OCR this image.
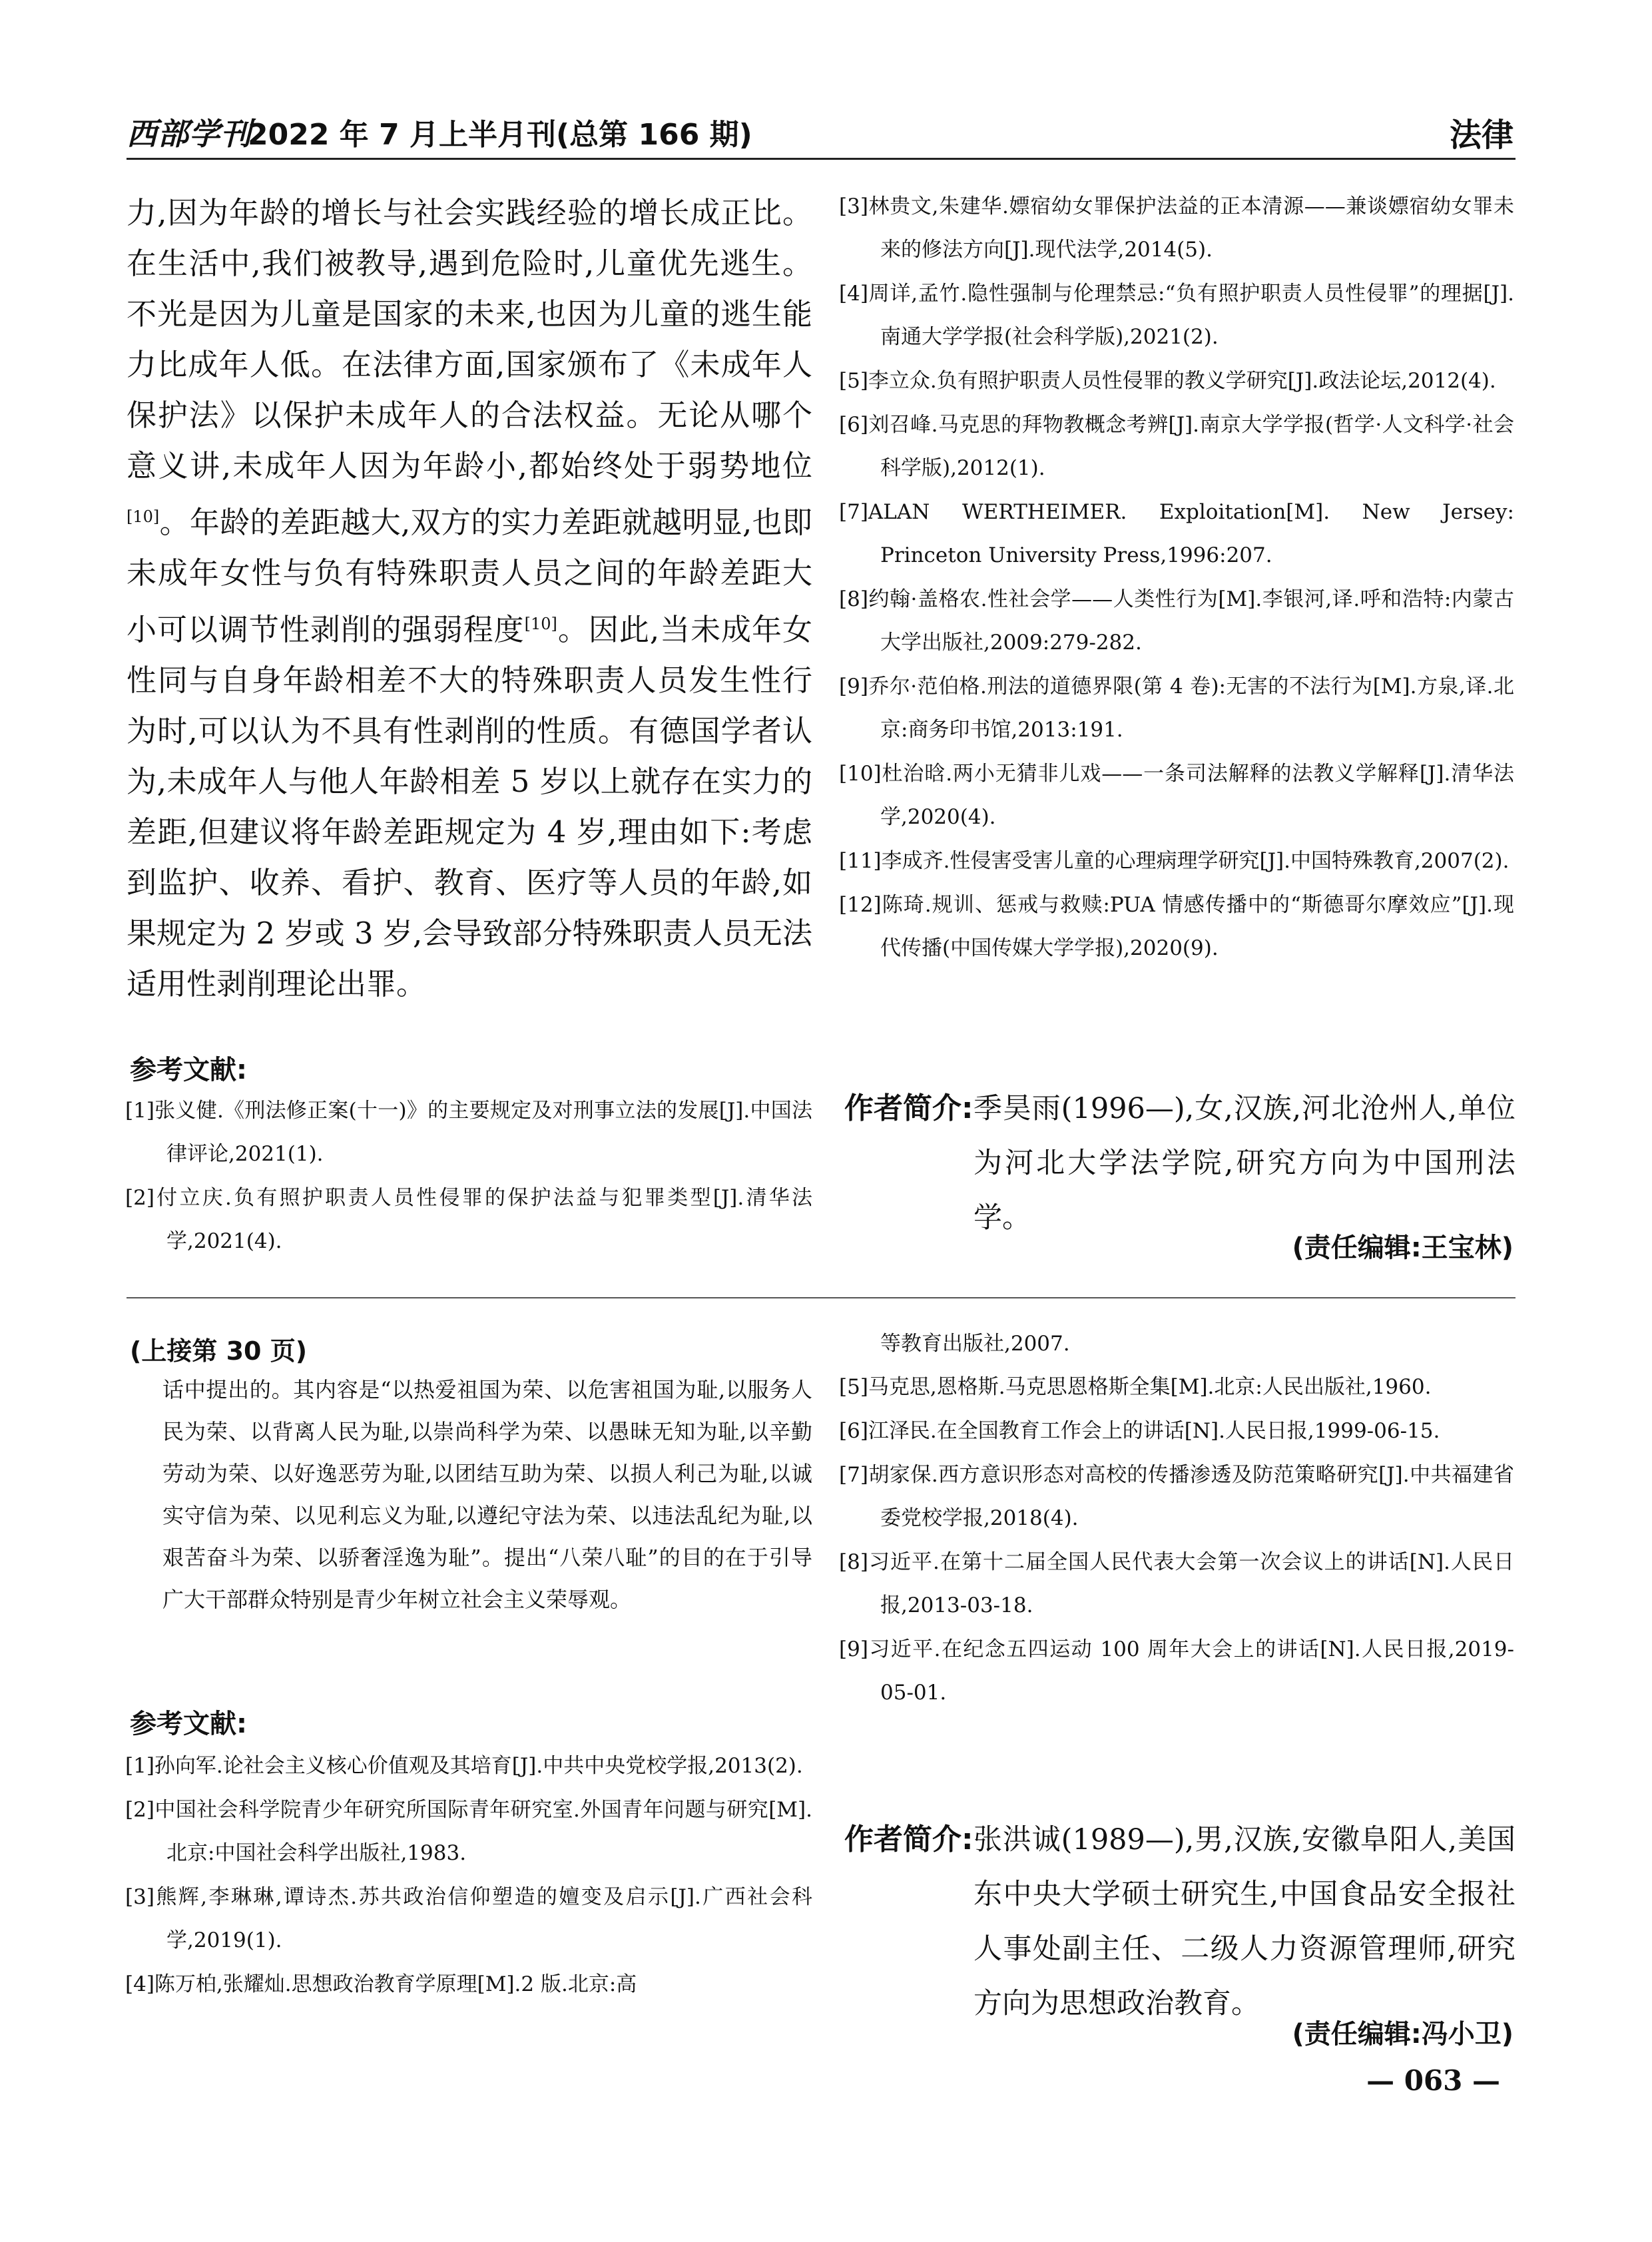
西部学刊
2022 年 7 月上半月刊(总第 166 期)	法律

力,因为年龄的增长与社会实践经验的增长成正比。在生活中,我们被教导,遇到危险时,儿童优先逃生。不光是因为儿童是国家的未来,也因为儿童的逃生能力比成年人低。在法律方面,国家颁布了《未成年人保护法》以保护未成年人的合法权益。无论从哪个意义讲,未成年人因为年龄小,都始终处于弱势地位[10]。年龄的差距越大,双方的实力差距就越明显,也即未成年女性与负有特殊职责人员之间的年龄差距大小可以调节性剥削的强弱程度[10]。因此,当未成年女性同与自身年龄相差不大的特殊职责人员发生性行为时,可以认为不具有性剥削的性质。有德国学者认为,未成年人与他人年龄相差 5 岁以上就存在实力的差距,但建议将年龄差距规定为 4 岁,理由如下:考虑到监护、收养、看护、教育、医疗等人员的年龄,如果规定为 2 岁或 3 岁,会导致部分特殊职责人员无法适用性剥削理论出罪。

参考文献:
[1]张义健.《刑法修正案(十一)》的主要规定及对刑事立法的发展[J].中国法律评论,2021(1).
[2]付立庆.负有照护职责人员性侵罪的保护法益与犯罪类型[J].清华法学,2021(4).
[3]林贵文,朱建华.嫖宿幼女罪保护法益的正本清源——兼谈嫖宿幼女罪未来的修法方向[J].现代法学,2014(5).
[4]周详,孟竹.隐性强制与伦理禁忌:“负有照护职责人员性侵罪”的理据[J].南通大学学报(社会科学版),2021(2).
[5]李立众.负有照护职责人员性侵罪的教义学研究[J].政法论坛,2012(4).
[6]刘召峰.马克思的拜物教概念考辨[J].南京大学学报(哲学·人文科学·社会科学版),2012(1).
[7]ALAN WERTHEIMER. Exploitation[M]. New Jersey: Princeton University Press,1996:207.
[8]约翰·盖格农.性社会学——人类性行为[M].李银河,译.呼和浩特:内蒙古大学出版社,2009:279-282.
[9]乔尔·范伯格.刑法的道德界限(第 4 卷):无害的不法行为[M].方泉,译.北京:商务印书馆,2013:191.
[10]杜治晗.两小无猜非儿戏——一条司法解释的法教义学解释[J].清华法学,2020(4).
[11]李成齐.性侵害受害儿童的心理病理学研究[J].中国特殊教育,2007(2).
[12]陈琦.规训、惩戒与救赎:PUA 情感传播中的“斯德哥尔摩效应”[J].现代传播(中国传媒大学学报),2020(9).
作者简介: 季昊雨(1996—),女,汉族,河北沧州人,单位为河北大学法学院,研究方向为中国刑法学。
(责任编辑:王宝林)
(上接第 30 页)

话中提出的。其内容是“以热爱祖国为荣、以危害祖国为耻,以服务人民为荣、以背离人民为耻,以崇尚科学为荣、以愚昧无知为耻,以辛勤劳动为荣、以好逸恶劳为耻,以团结互助为荣、以损人利己为耻,以诚实守信为荣、以见利忘义为耻,以遵纪守法为荣、以违法乱纪为耻,以艰苦奋斗为荣、以骄奢淫逸为耻”。提出“八荣八耻”的目的在于引导广大干部群众特别是青少年树立社会主义荣辱观。

参考文献:
[1]孙向军.论社会主义核心价值观及其培育[J].中共中央党校学报,2013(2).
[2]中国社会科学院青少年研究所国际青年研究室.外国青年问题与研究[M].北京:中国社会科学出版社,1983.
[3]熊辉,李琳琳,谭诗杰.苏共政治信仰塑造的嬗变及启示[J].广西社会科学,2019(1).
[4]陈万柏,张耀灿.思想政治教育学原理[M].2 版.北京:高
等教育出版社,2007.
[5]马克思,恩格斯.马克思恩格斯全集[M].北京:人民出版社,1960.
[6]江泽民.在全国教育工作会上的讲话[N].人民日报,1999-06-15.
[7]胡家保.西方意识形态对高校的传播渗透及防范策略研究[J].中共福建省委党校学报,2018(4).
[8]习近平.在第十二届全国人民代表大会第一次会议上的讲话[N].人民日报,2013-03-18.
[9]习近平.在纪念五四运动 100 周年大会上的讲话[N].人民日报,2019-05-01.
作者简介: 张洪诚(1989—),男,汉族,安徽阜阳人,美国东中央大学硕士研究生,中国食品安全报社人事处副主任、二级人力资源管理师,研究方向为思想政治教育。
(责任编辑:冯小卫)
— 063 —
